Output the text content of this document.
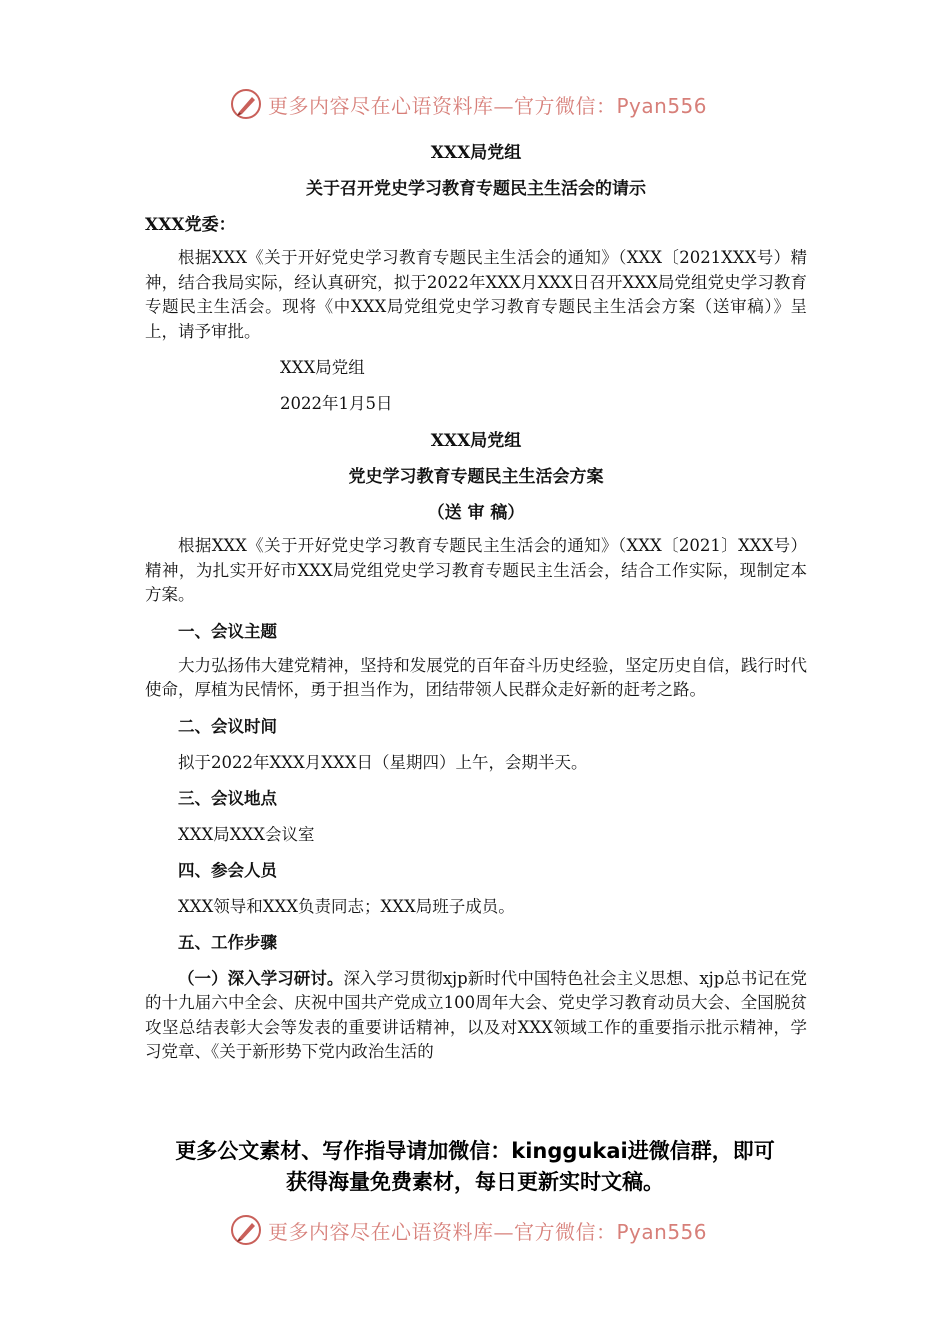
更多内容尽在心语资料库—官方微信：Pyan556

XXX局党组

关于召开党史学习教育专题民主生活会的请示

XXX党委：

根据XXX《关于开好党史学习教育专题民主生活会的通知》（XXX〔2021XXX号）精神，结合我局实际，经认真研究，拟于2022年XXX月XXX日召开XXX局党组党史学习教育专题民主生活会。现将《中XXX局党组党史学习教育专题民主生活会方案（送审稿）》呈上，请予审批。

XXX局党组

2022年1月5日

XXX局党组

党史学习教育专题民主生活会方案

（送 审 稿）

根据XXX《关于开好党史学习教育专题民主生活会的通知》（XXX〔2021〕XXX号）精神，为扎实开好市XXX局党组党史学习教育专题民主生活会，结合工作实际，现制定本方案。

一、会议主题

大力弘扬伟大建党精神，坚持和发展党的百年奋斗历史经验，坚定历史自信，践行时代使命，厚植为民情怀，勇于担当作为，团结带领人民群众走好新的赶考之路。

二、会议时间

拟于2022年XXX月XXX日（星期四）上午，会期半天。

三、会议地点

XXX局XXX会议室

四、参会人员

XXX领导和XXX负责同志；XXX局班子成员。

五、工作步骤

（一）深入学习研讨。深入学习贯彻xjp新时代中国特色社会主义思想、xjp总书记在党的十九届六中全会、庆祝中国共产党成立100周年大会、党史学习教育动员大会、全国脱贫攻坚总结表彰大会等发表的重要讲话精神，以及对XXX领域工作的重要指示批示精神，学习党章、《关于新形势下党内政治生活的

更多公文素材、写作指导请加微信：kinggukai进微信群，即可
获得海量免费素材，每日更新实时文稿。
更多内容尽在心语资料库—官方微信：Pyan556
